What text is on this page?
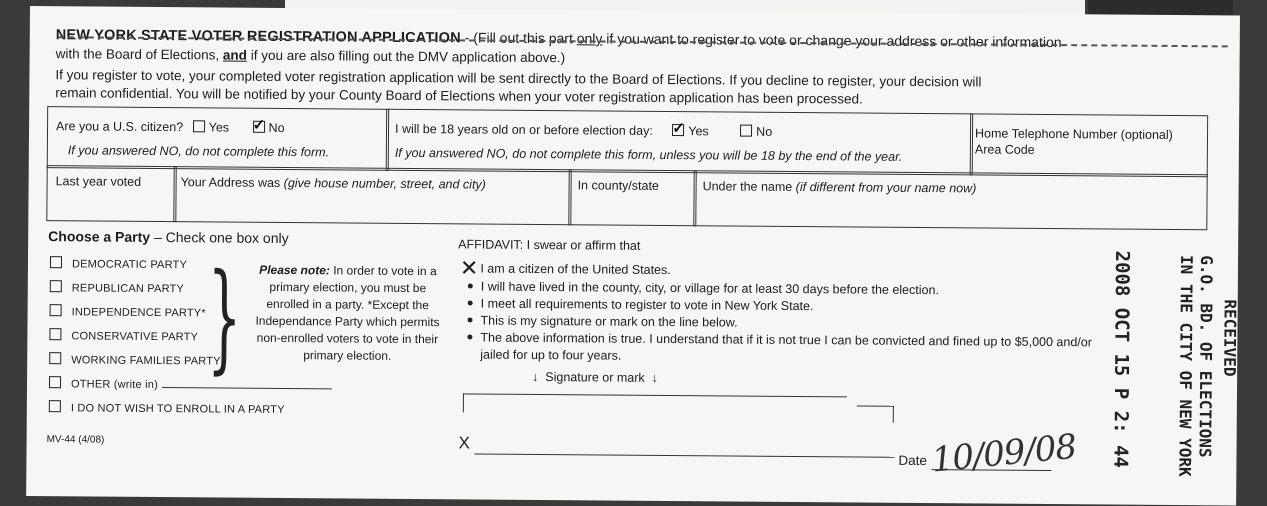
NEW YORK STATE VOTER REGISTRATION APPLICATION - (Fill out this part only if you want to register to vote or change your address or other information
with the Board of Elections, and if you are also filling out the DMV application above.)
If you register to vote, your completed voter registration application will be sent directly to the Board of Elections. If you decline to register, your decision will
remain confidential. You will be notified by your County Board of Elections when your voter registration application has been processed.
Are you a U.S. citizen? Yes ✓	No
If you answered NO, do not complete this form.
I will be 18 years old on or before election day: ✓	Yes	No
If you answered NO, do not complete this form, unless you will be 18 by the end of the year.
Home Telephone Number (optional)
Area Code
Last year voted	Your Address was (give house number, street, and city)	In county/state	Under the name (if different from your name now)
Choose a Party – Check one box only
DEMOCRATIC PARTY
REPUBLICAN PARTY
INDEPENDENCE PARTY*
CONSERVATIVE PARTY
WORKING FAMILIES PARTY
OTHER (write in)
I DO NOT WISH TO ENROLL IN A PARTY
}	Please note: In order to vote in a primary election, you must be enrolled in a party. *Except the Independance Party which permits non-enrolled voters to vote in their primary election.
MV-44 (4/08)
AFFIDAVIT: I swear or affirm that
✕ I am a citizen of the United States.
I will have lived in the county, city, or village for at least 30 days before the election.
I meet all requirements to register to vote in New York State.
This is my signature or mark on the line below.
The above information is true. I understand that if it is not true I can be convicted and fined up to $5,000 and/or
jailed for up to four years.
↓ Signature or mark ↓
X
Date 10/09/08 2008 OCT 15 P 2: 44	IN THE CITY OF NEW YORK G.O. BD. OF ELECTIONS RECEIVED
